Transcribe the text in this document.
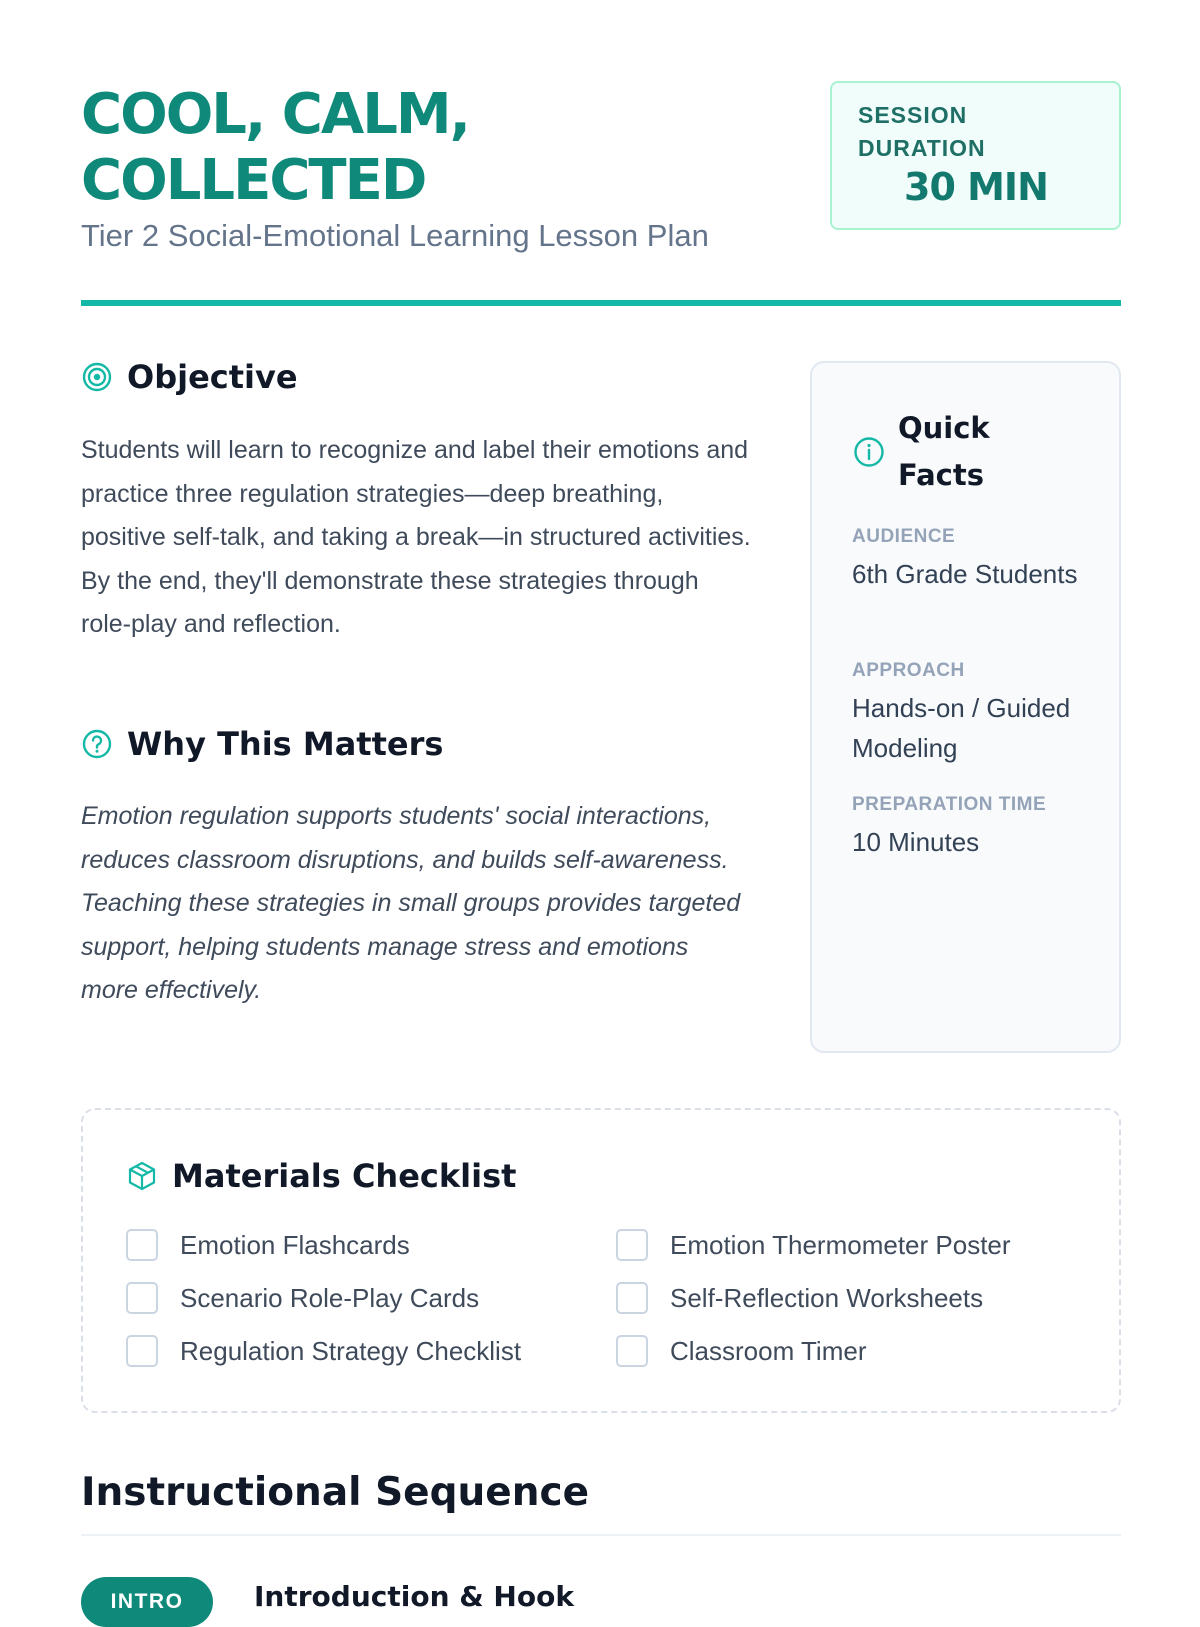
COOL, CALM, COLLECTED
Tier 2 Social-Emotional Learning Lesson Plan
SESSION DURATION
30 MIN
Objective

Students will learn to recognize and label their emotions and practice three regulation strategies—deep breathing, positive self-talk, and taking a break—in structured activities. By the end, they'll demonstrate these strategies through role-play and reflection.

Why This Matters

Emotion regulation supports students' social interactions, reduces classroom disruptions, and builds self-awareness. Teaching these strategies in small groups provides targeted support, helping students manage stress and emotions more effectively.

Quick Facts
AUDIENCE
6th Grade Students
APPROACH
Hands-on / Guided Modeling
PREPARATION TIME
10 Minutes
Materials Checklist
Emotion Flashcards	Emotion Thermometer Poster
Scenario Role-Play Cards	Self-Reflection Worksheets
Regulation Strategy Checklist	Classroom Timer
Instructional Sequence
INTRO	Introduction & Hook
